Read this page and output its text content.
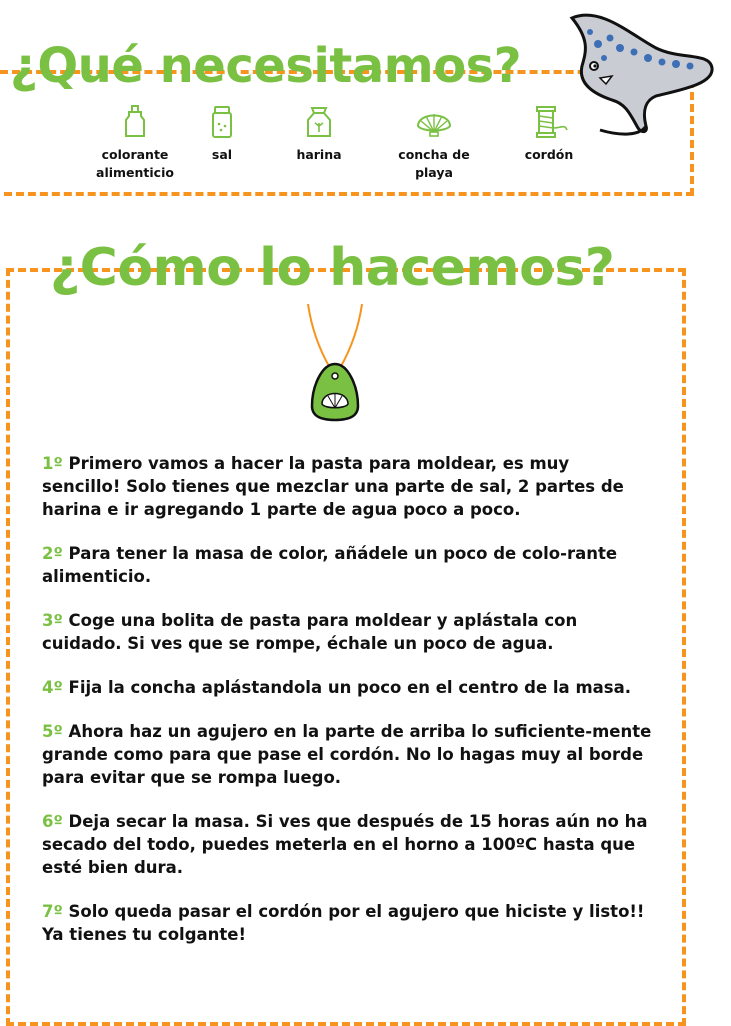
¿Qué necesitamos?
colorante
alimenticio
sal	harina	concha de
playa
cordón
¿Cómo lo hacemos?

1º Primero vamos a hacer la pasta para moldear, es muy sencillo! Solo tienes que mezclar una parte de sal, 2 partes de harina e ir agregando 1 parte de agua poco a poco.

2º Para tener la masa de color, añádele un poco de colo-rante alimenticio.

3º Coge una bolita de pasta para moldear y aplástala con cuidado. Si ves que se rompe, échale un poco de agua.

4º Fija la concha aplástandola un poco en el centro de la masa.

5º Ahora haz un agujero en la parte de arriba lo suficiente-mente grande como para que pase el cordón. No lo hagas muy al borde para evitar que se rompa luego.

6º Deja secar la masa. Si ves que después de 15 horas aún no ha secado del todo, puedes meterla en el horno a 100ºC hasta que esté bien dura.

7º Solo queda pasar el cordón por el agujero que hiciste y listo!! Ya tienes tu colgante!
